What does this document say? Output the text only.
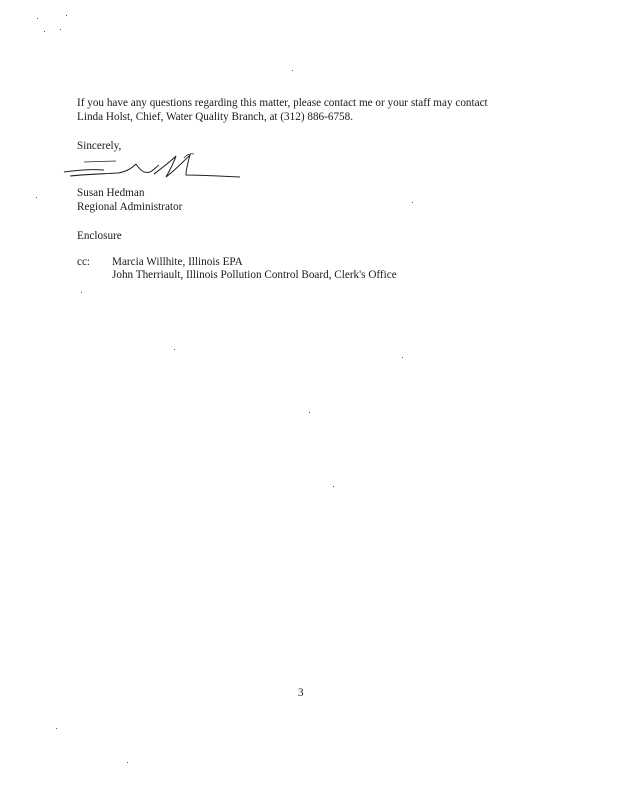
If you have any questions regarding this matter, please contact me or your staff may contact
Linda Holst, Chief, Water Quality Branch, at (312) 886-6758.
Sincerely,
Susan Hedman
Regional Administrator
Enclosure
cc: Marcia Willhite, Illinois EPA
John Therriault, Illinois Pollution Control Board, Clerk's Office
3
